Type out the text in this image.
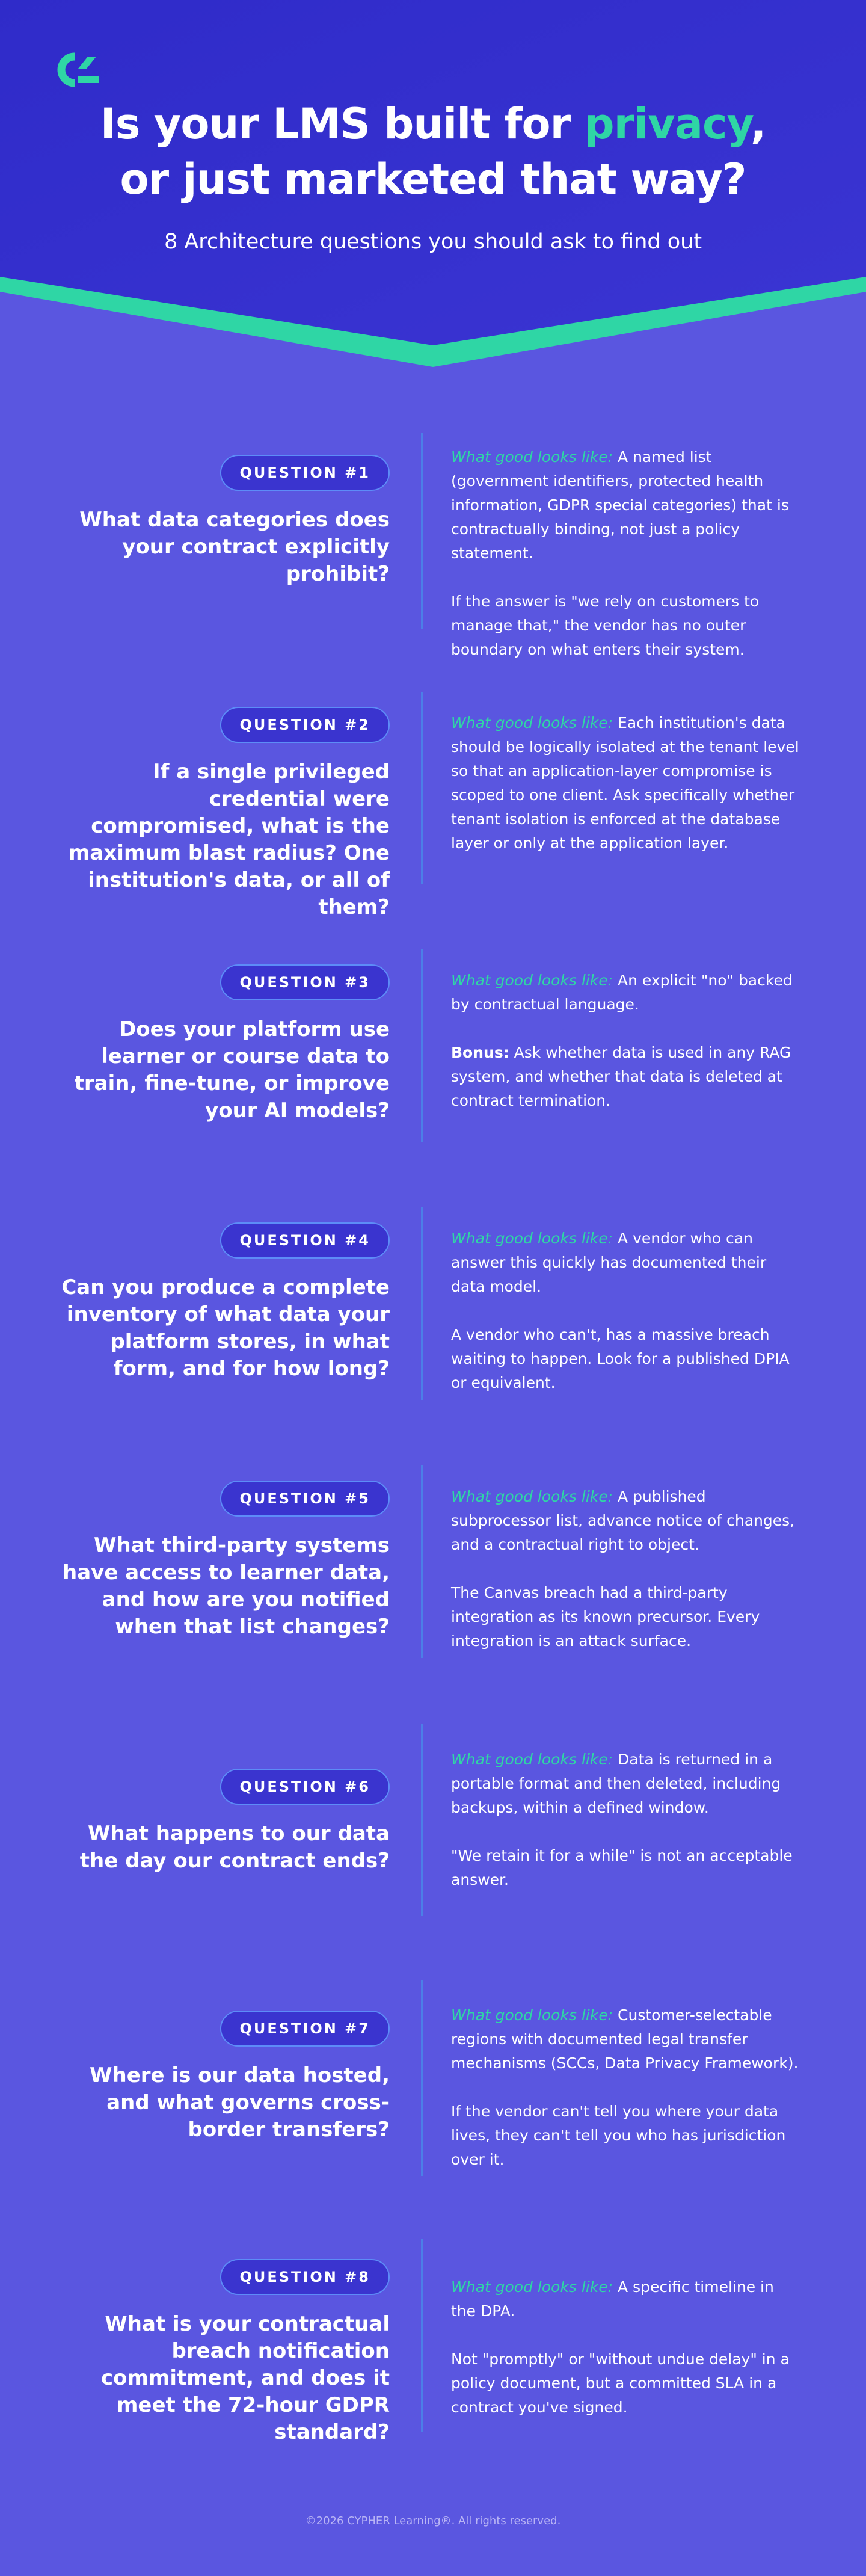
Is your LMS built for privacy,
or just marketed that way?
8 Architecture questions you should ask to find out
QUESTION #1
What data categories does your contract explicitly prohibit?

What good looks like: A named list (government identifiers, protected health information, GDPR special categories) that is contractually binding, not just a policy statement.

If the answer is "we rely on customers to manage that," the vendor has no outer boundary on what enters their system.

QUESTION #2
If a single privileged credential were compromised, what is the maximum blast radius? One institution's data, or all of them?

What good looks like: Each institution's data should be logically isolated at the tenant level so that an application-layer compromise is scoped to one client. Ask specifically whether tenant isolation is enforced at the database layer or only at the application layer.

QUESTION #3
Does your platform use learner or course data to train, fine-tune, or improve your AI models?

What good looks like: An explicit "no" backed by contractual language.

Bonus: Ask whether data is used in any RAG system, and whether that data is deleted at contract termination.

QUESTION #4
Can you produce a complete inventory of what data your platform stores, in what form, and for how long?

What good looks like: A vendor who can answer this quickly has documented their data model.

A vendor who can't, has a massive breach waiting to happen. Look for a published DPIA or equivalent.

QUESTION #5
What third-party systems have access to learner data, and how are you notified when that list changes?

What good looks like: A published subprocessor list, advance notice of changes, and a contractual right to object.

The Canvas breach had a third-party integration as its known precursor. Every integration is an attack surface.

QUESTION #6
What happens to our data the day our contract ends?

What good looks like: Data is returned in a portable format and then deleted, including backups, within a defined window.

"We retain it for a while" is not an acceptable answer.

QUESTION #7
Where is our data hosted, and what governs cross-border transfers?

What good looks like: Customer-selectable regions with documented legal transfer mechanisms (SCCs, Data Privacy Framework).

If the vendor can't tell you where your data lives, they can't tell you who has jurisdiction over it.

QUESTION #8
What is your contractual breach notification commitment, and does it meet the 72-hour GDPR standard?

What good looks like: A specific timeline in the DPA.

Not "promptly" or "without undue delay" in a policy document, but a committed SLA in a contract you've signed.

©2026 CYPHER Learning®. All rights reserved.
